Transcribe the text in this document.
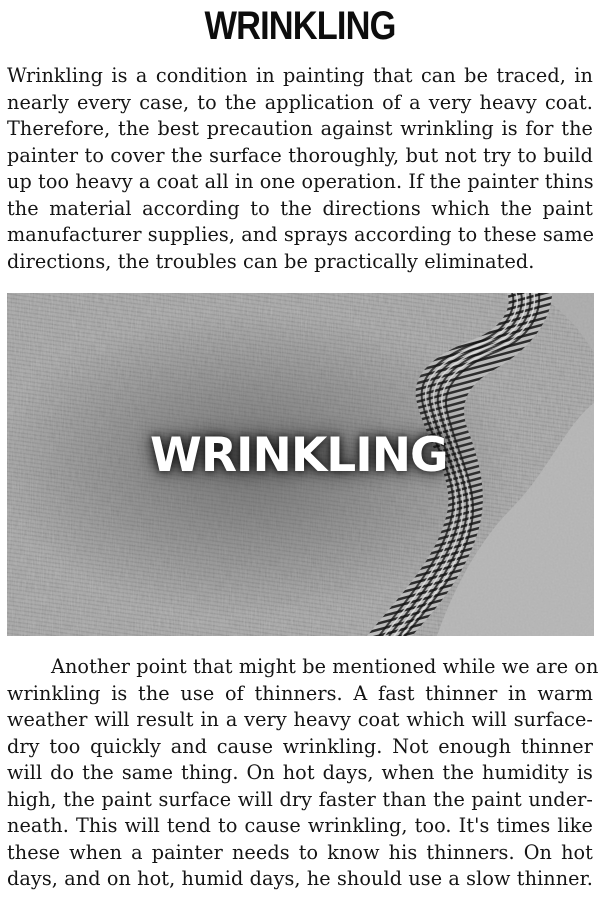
WRINKLING
Wrinkling is a condition in painting that can be traced, in
nearly every case, to the application of a very heavy coat.
Therefore, the best precaution against wrinkling is for the
painter to cover the surface thoroughly, but not try to build
up too heavy a coat all in one operation. If the painter thins
the material according to the directions which the paint
manufacturer supplies, and sprays according to these same
directions, the troubles can be practically eliminated.
WRINKLING
Another point that might be mentioned while we are on
wrinkling is the use of thinners. A fast thinner in warm
weather will result in a very heavy coat which will surface-
dry too quickly and cause wrinkling. Not enough thinner
will do the same thing. On hot days, when the humidity is
high, the paint surface will dry faster than the paint under-
neath. This will tend to cause wrinkling, too. It's times like
these when a painter needs to know his thinners. On hot
days, and on hot, humid days, he should use a slow thinner.
